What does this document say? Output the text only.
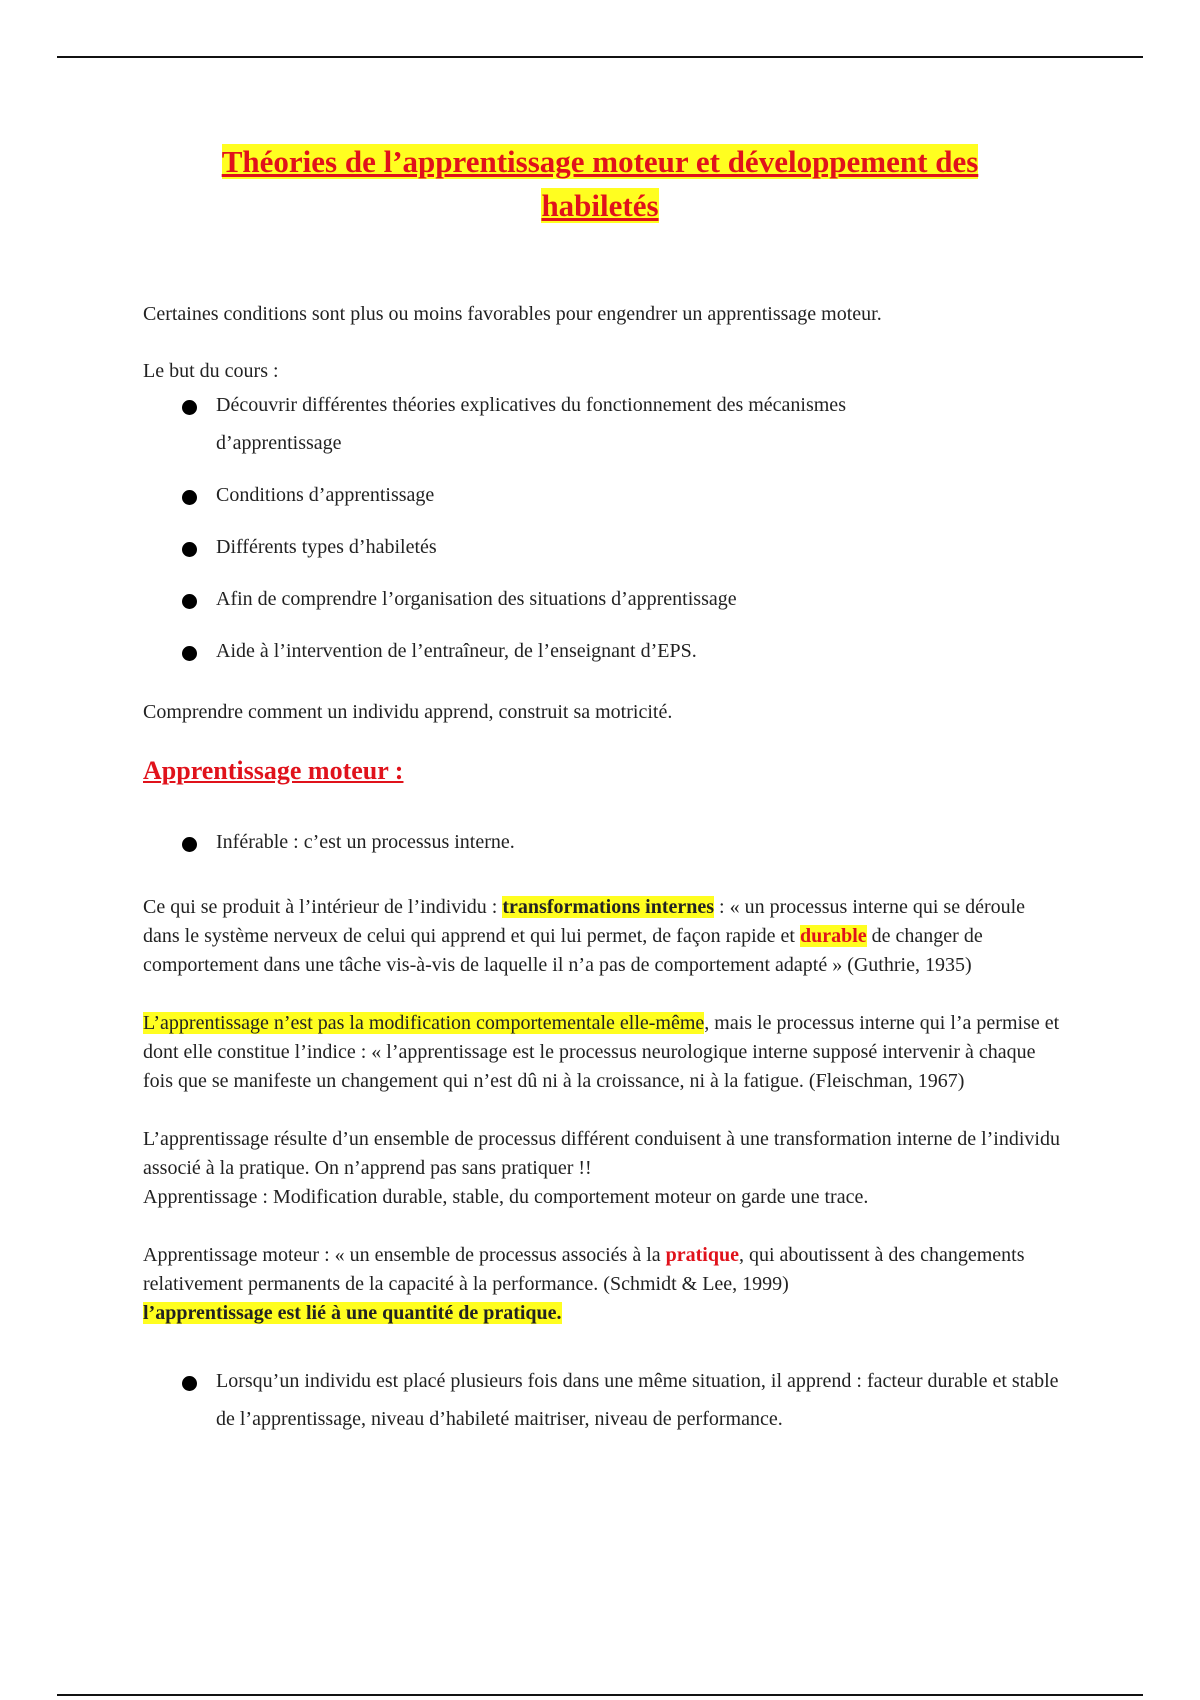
Théories de l’apprentissage moteur et développement des
habiletés

Certaines conditions sont plus ou moins favorables pour engendrer un apprentissage moteur.

Le but du cours :

Découvrir différentes théories explicatives du fonctionnement des mécanismes
d’apprentissage
Conditions d’apprentissage
Différents types d’habiletés
Afin de comprendre l’organisation des situations d’apprentissage
Aide à l’intervention de l’entraîneur, de l’enseignant d’EPS.

Comprendre comment un individu apprend, construit sa motricité.

Apprentissage moteur :
Inférable : c’est un processus interne.

Ce qui se produit à l’intérieur de l’individu : transformations internes : « un processus interne qui se déroule dans le système nerveux de celui qui apprend et qui lui permet, de façon rapide et durable de changer de comportement dans une tâche vis-à-vis de laquelle il n’a pas de comportement adapté » (Guthrie, 1935)

L’apprentissage n’est pas la modification comportementale elle-même, mais le processus interne qui l’a permise et dont elle constitue l’indice : « l’apprentissage est le processus neurologique interne supposé intervenir à chaque fois que se manifeste un changement qui n’est dû ni à la croissance, ni à la fatigue. (Fleischman, 1967)

L’apprentissage résulte d’un ensemble de processus différent conduisent à une transformation interne de l’individu associé à la pratique. On n’apprend pas sans pratiquer !!
Apprentissage : Modification durable, stable, du comportement moteur on garde une trace.

Apprentissage moteur : « un ensemble de processus associés à la pratique, qui aboutissent à des changements relativement permanents de la capacité à la performance. (Schmidt & Lee, 1999)
l’apprentissage est lié à une quantité de pratique.

Lorsqu’un individu est placé plusieurs fois dans une même situation, il apprend : facteur durable et stable de l’apprentissage, niveau d’habileté maitriser, niveau de performance.
